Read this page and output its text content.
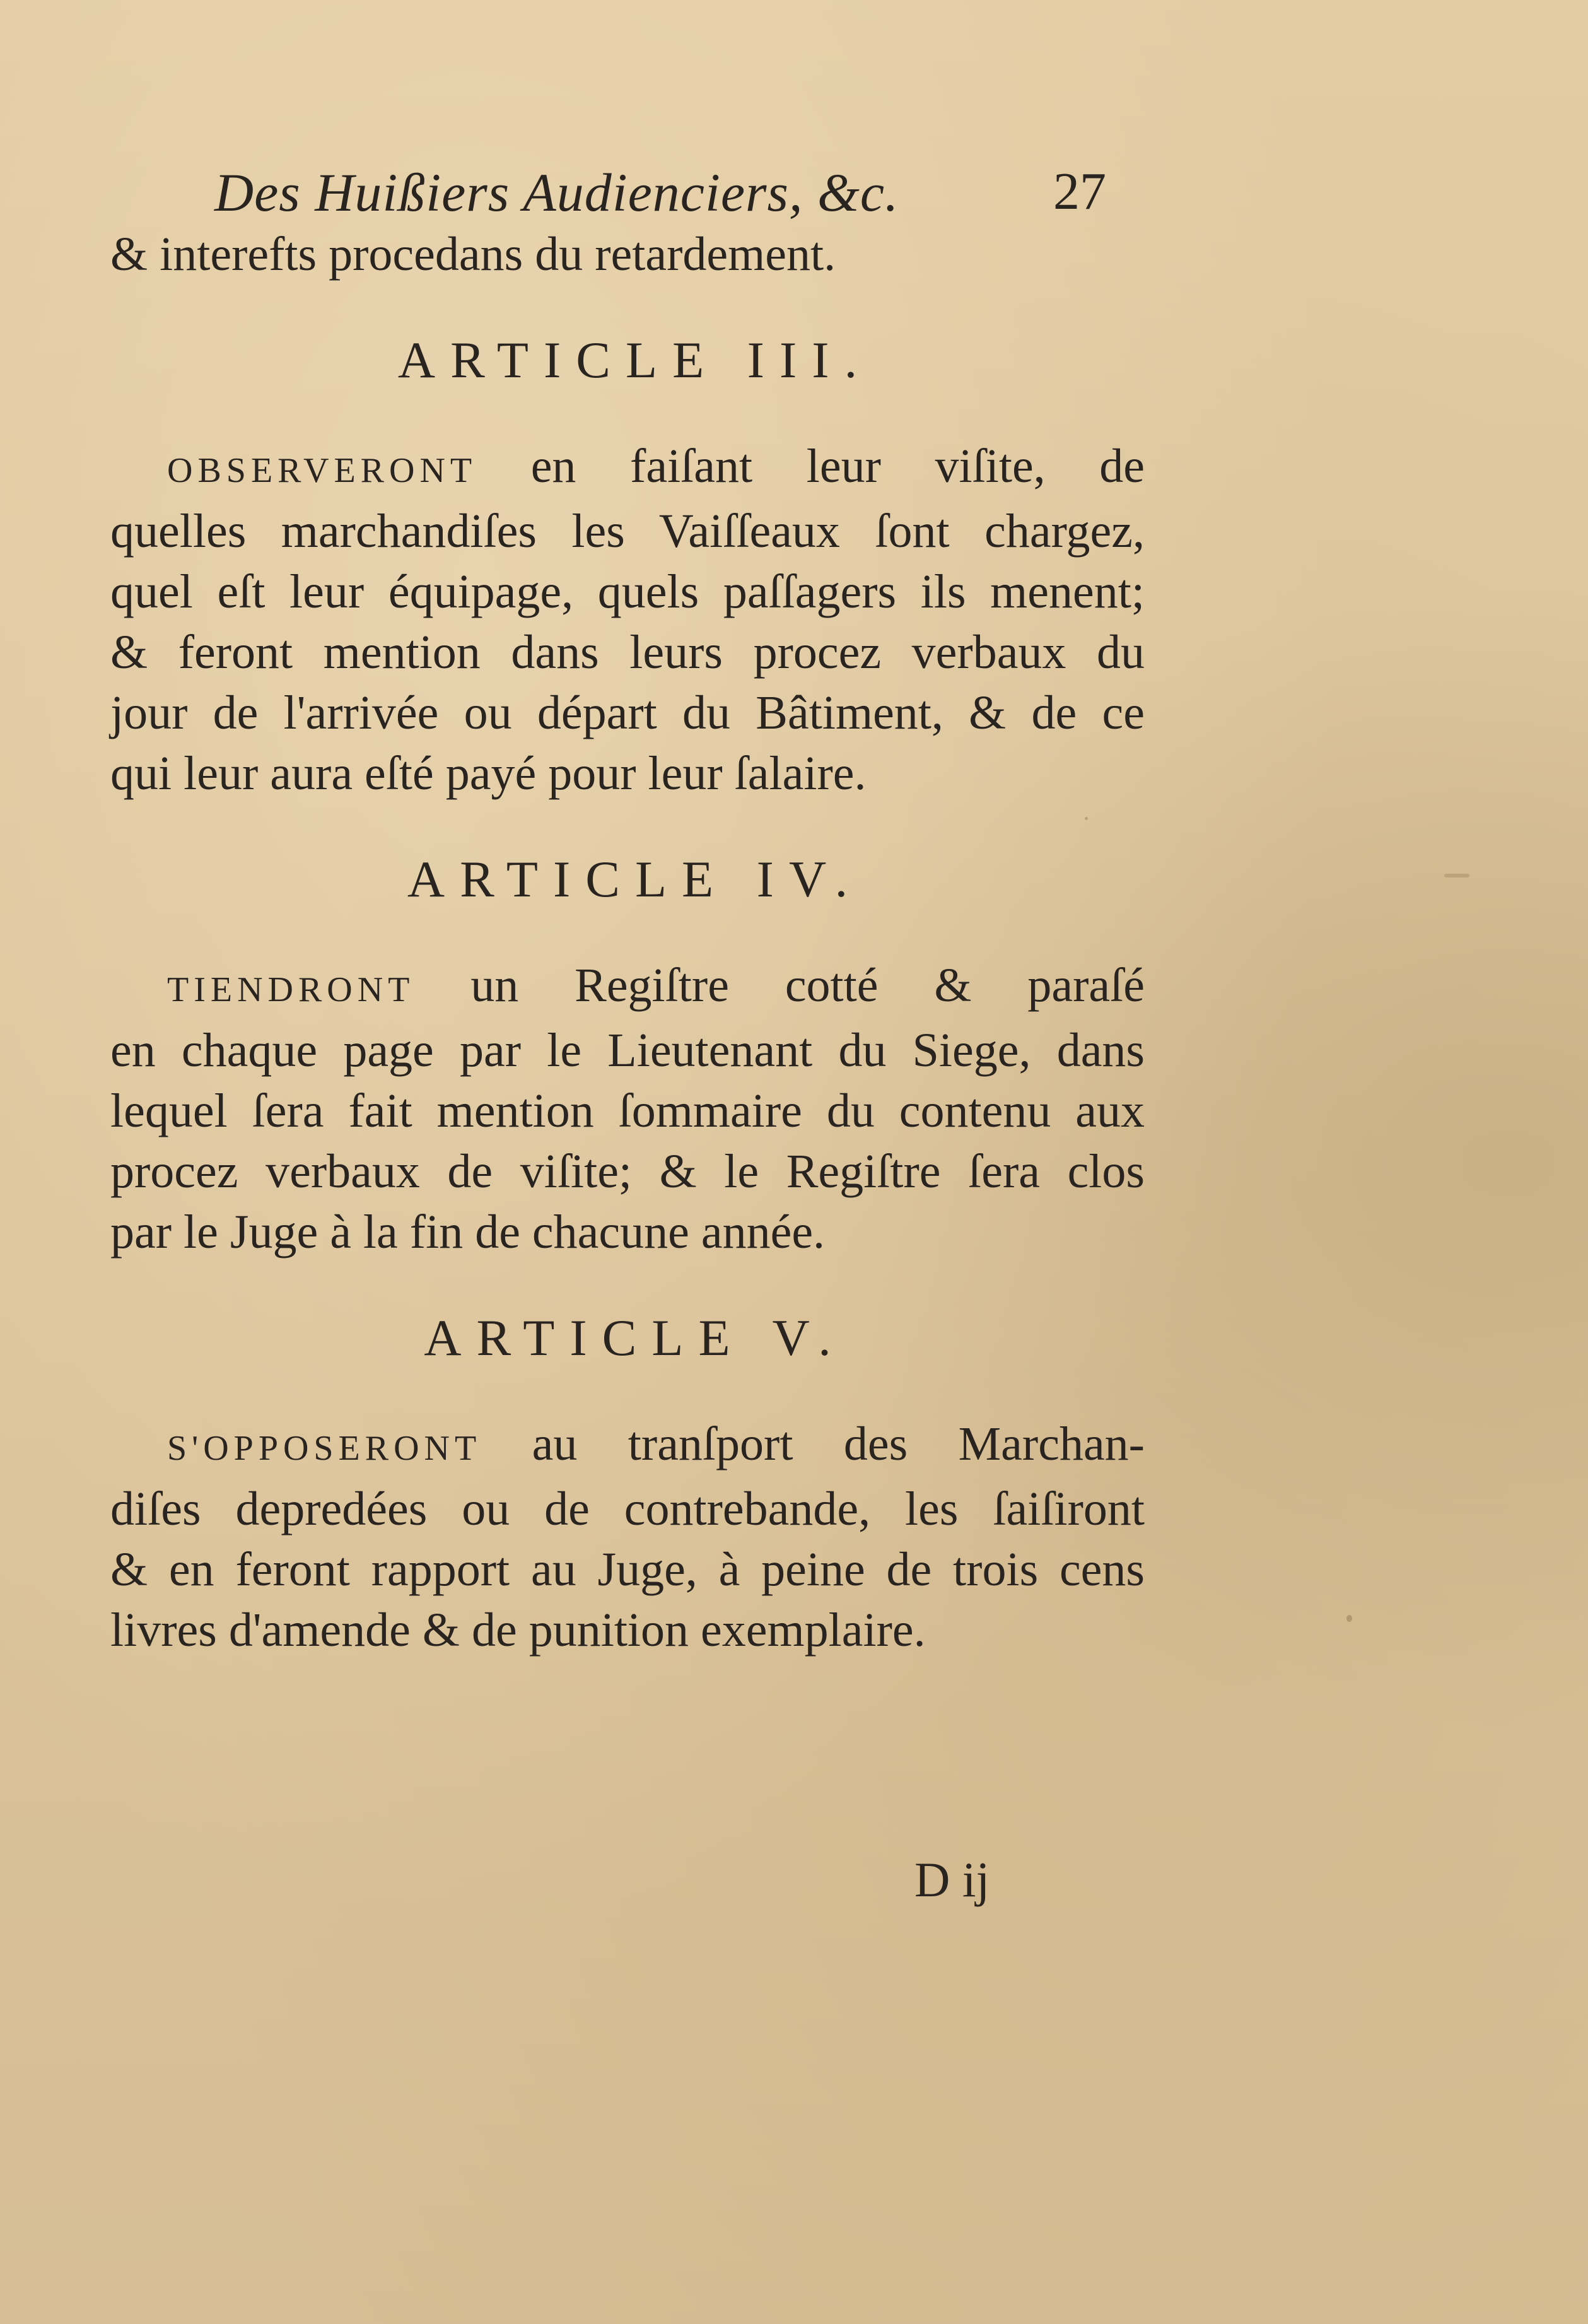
Des Huißiers Audienciers, &c.	27
& interefts procedans du retardement.
ARTICLE III.
OBSERVERONT en faiſant leur viſite, de
quelles marchandiſes les Vaiſſeaux ſont chargez,
quel eſt leur équipage, quels paſſagers ils menent;
& feront mention dans leurs procez verbaux du
jour de l'arrivée ou départ du Bâtiment, & de ce
qui leur aura eſté payé pour leur ſalaire.
ARTICLE IV.
TIENDRONT un Regiſtre cotté & paraſé
en chaque page par le Lieutenant du Siege, dans
lequel ſera fait mention ſommaire du contenu aux
procez verbaux de viſite; & le Regiſtre ſera clos
par le Juge à la fin de chacune année.
ARTICLE V.
S'OPPOSERONT au tranſport des Marchan-
diſes depredées ou de contrebande, les ſaiſiront
& en feront rapport au Juge, à peine de trois cens
livres d'amende & de punition exemplaire.
D ij
